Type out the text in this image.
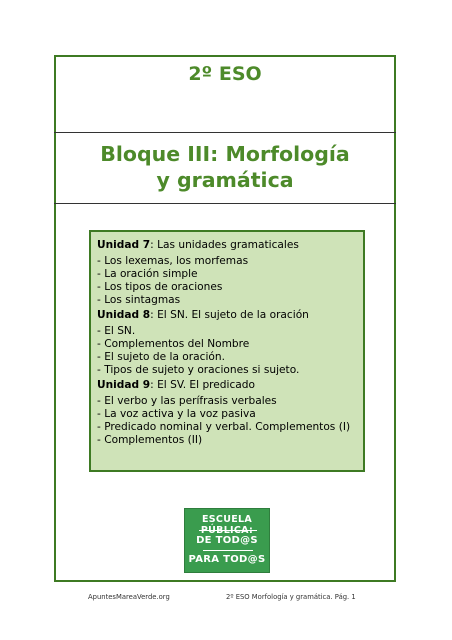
2º ESO
Bloque III: Morfología
y gramática
Unidad 7: Las unidades gramaticales
- Los lexemas, los morfemas
- La oración simple
- Los tipos de oraciones
- Los sintagmas
Unidad 8: El SN. El sujeto de la oración
- El SN.
- Complementos del Nombre
- El sujeto de la oración.
- Tipos de sujeto y oraciones si sujeto.
Unidad 9: El SV. El predicado
- El verbo y las perífrasis verbales
- La voz activa y la voz pasiva
- Predicado nominal y verbal. Complementos (I)
- Complementos (II)
ESCUELA
DE TOD@S
PARA TOD@S
ApuntesMareaVerde.org	2º ESO Morfología y gramática. Pág. 1
